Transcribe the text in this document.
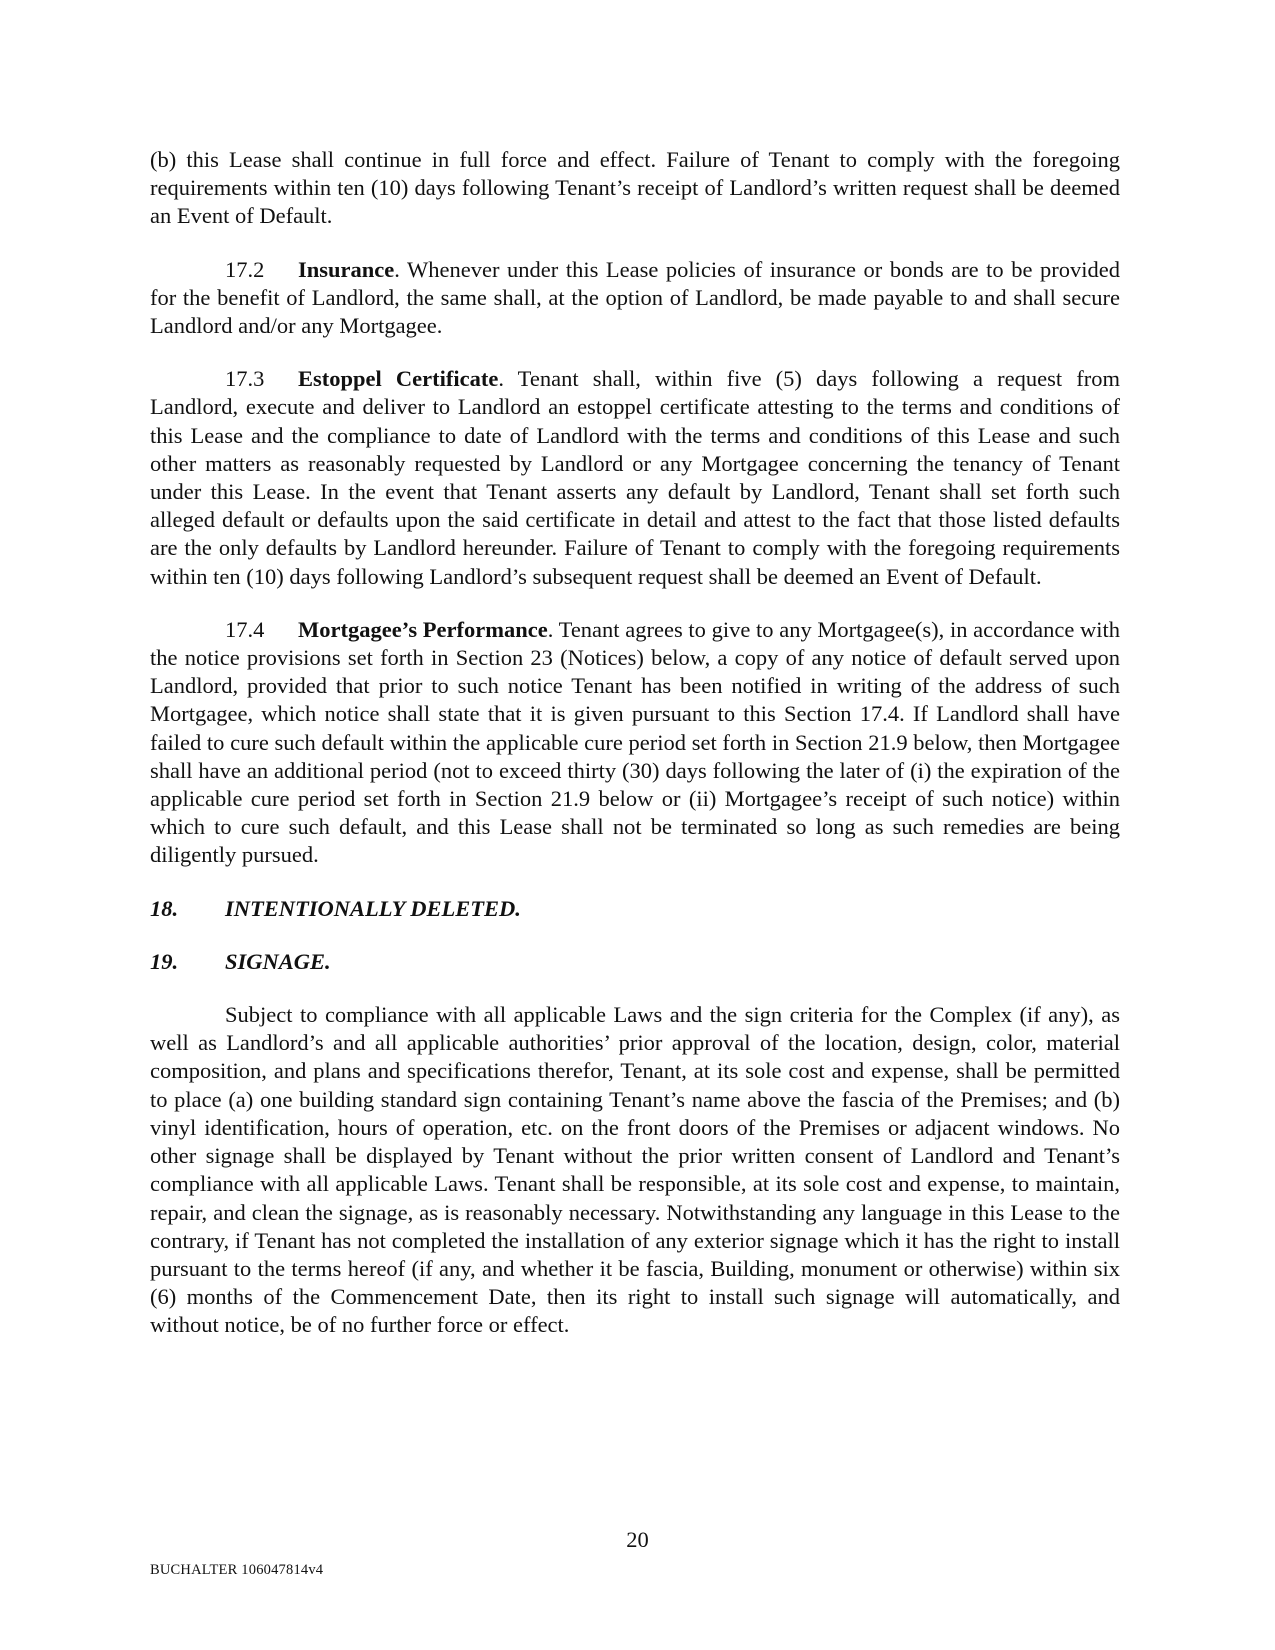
(b) this Lease shall continue in full force and effect. Failure of Tenant to comply with the foregoing requirements within ten (10) days following Tenant’s receipt of Landlord’s written request shall be deemed an Event of Default.

17.2 Insurance. Whenever under this Lease policies of insurance or bonds are to be provided for the benefit of Landlord, the same shall, at the option of Landlord, be made payable to and shall secure Landlord and/or any Mortgagee.

17.3 Estoppel Certificate. Tenant shall, within five (5) days following a request from Landlord, execute and deliver to Landlord an estoppel certificate attesting to the terms and conditions of this Lease and the compliance to date of Landlord with the terms and conditions of this Lease and such other matters as reasonably requested by Landlord or any Mortgagee concerning the tenancy of Tenant under this Lease. In the event that Tenant asserts any default by Landlord, Tenant shall set forth such alleged default or defaults upon the said certificate in detail and attest to the fact that those listed defaults are the only defaults by Landlord hereunder. Failure of Tenant to comply with the foregoing requirements within ten (10) days following Landlord’s subsequent request shall be deemed an Event of Default.

17.4 Mortgagee’s Performance. Tenant agrees to give to any Mortgagee(s), in accordance with the notice provisions set forth in Section 23 (Notices) below, a copy of any notice of default served upon Landlord, provided that prior to such notice Tenant has been notified in writing of the address of such Mortgagee, which notice shall state that it is given pursuant to this Section 17.4. If Landlord shall have failed to cure such default within the applicable cure period set forth in Section 21.9 below, then Mortgagee shall have an additional period (not to exceed thirty (30) days following the later of (i) the expiration of the applicable cure period set forth in Section 21.9 below or (ii) Mortgagee’s receipt of such notice) within which to cure such default, and this Lease shall not be terminated so long as such remedies are being diligently pursued.

18. INTENTIONALLY DELETED.

19. SIGNAGE.

Subject to compliance with all applicable Laws and the sign criteria for the Complex (if any), as well as Landlord’s and all applicable authorities’ prior approval of the location, design, color, material composition, and plans and specifications therefor, Tenant, at its sole cost and expense, shall be permitted to place (a) one building standard sign containing Tenant’s name above the fascia of the Premises; and (b) vinyl identification, hours of operation, etc. on the front doors of the Premises or adjacent windows. No other signage shall be displayed by Tenant without the prior written consent of Landlord and Tenant’s compliance with all applicable Laws. Tenant shall be responsible, at its sole cost and expense, to maintain, repair, and clean the signage, as is reasonably necessary. Notwithstanding any language in this Lease to the contrary, if Tenant has not completed the installation of any exterior signage which it has the right to install pursuant to the terms hereof (if any, and whether it be fascia, Building, monument or otherwise) within six (6) months of the Commencement Date, then its right to install such signage will automatically, and without notice, be of no further force or effect.

20
BUCHALTER 106047814v4
